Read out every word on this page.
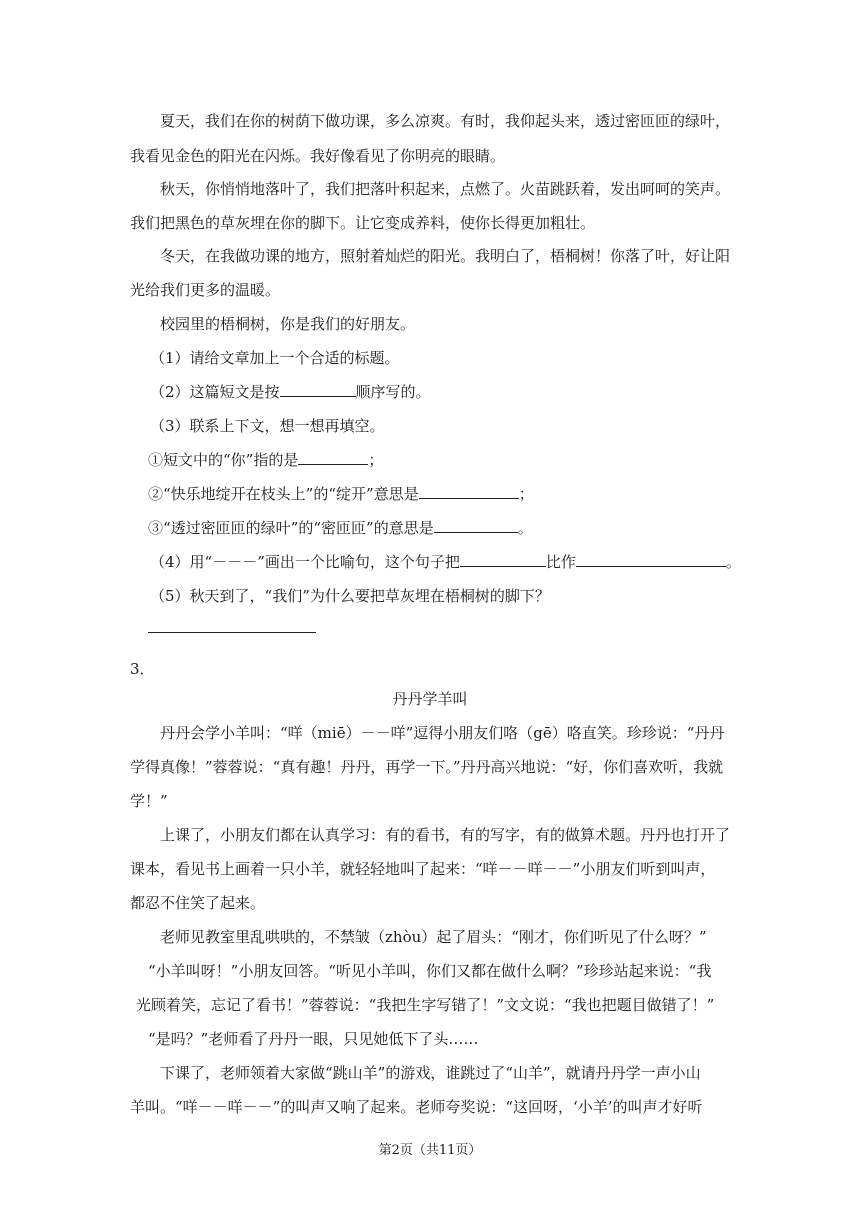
夏天，我们在你的树荫下做功课，多么凉爽。有时，我仰起头来，透过密匝匝的绿叶，
我看见金色的阳光在闪烁。我好像看见了你明亮的眼睛。
秋天，你悄悄地落叶了，我们把落叶积起来，点燃了。火苗跳跃着，发出呵呵的笑声。
我们把黑色的草灰埋在你的脚下。让它变成养料，使你长得更加粗壮。
冬天，在我做功课的地方，照射着灿烂的阳光。我明白了，梧桐树！你落了叶，好让阳
光给我们更多的温暖。
校园里的梧桐树，你是我们的好朋友。
（1）请给文章加上一个合适的标题。
（2）这篇短文是按	顺序写的。
（3）联系上下文，想一想再填空。
①短文中的“你”指的是	；
②“快乐地绽开在枝头上”的“绽开”意思是	；
③“透过密匝匝的绿叶”的“密匝匝”的意思是	。
（4）用“－－－”画出一个比喻句，这个句子把	比作	。
（5）秋天到了，“我们”为什么要把草灰埋在梧桐树的脚下？
3．
丹丹学羊叫
丹丹会学小羊叫：“咩（miē）－－咩”逗得小朋友们咯（gē）咯直笑。珍珍说：“丹丹
学得真像！”蓉蓉说：“真有趣！丹丹，再学一下。”丹丹高兴地说：“好，你们喜欢听，我就
学！”
上课了，小朋友们都在认真学习：有的看书，有的写字，有的做算术题。丹丹也打开了
课本，看见书上画着一只小羊，就轻轻地叫了起来：“咩－－咩－－”小朋友们听到叫声，
都忍不住笑了起来。
老师见教室里乱哄哄的，不禁皱（zhòu）起了眉头：“刚才，你们听见了什么呀？”
“小羊叫呀！”小朋友回答。“听见小羊叫，你们又都在做什么啊？”珍珍站起来说：“我
光顾着笑，忘记了看书！”蓉蓉说：“我把生字写错了！”文文说：“我也把题目做错了！”
“是吗？”老师看了丹丹一眼，只见她低下了头……
下课了，老师领着大家做“跳山羊”的游戏，谁跳过了“山羊”，就请丹丹学一声小山
羊叫。“咩－－咩－－”的叫声又响了起来。老师夸奖说：“这回呀，‘小羊’的叫声才好听
第2页（共11页）
